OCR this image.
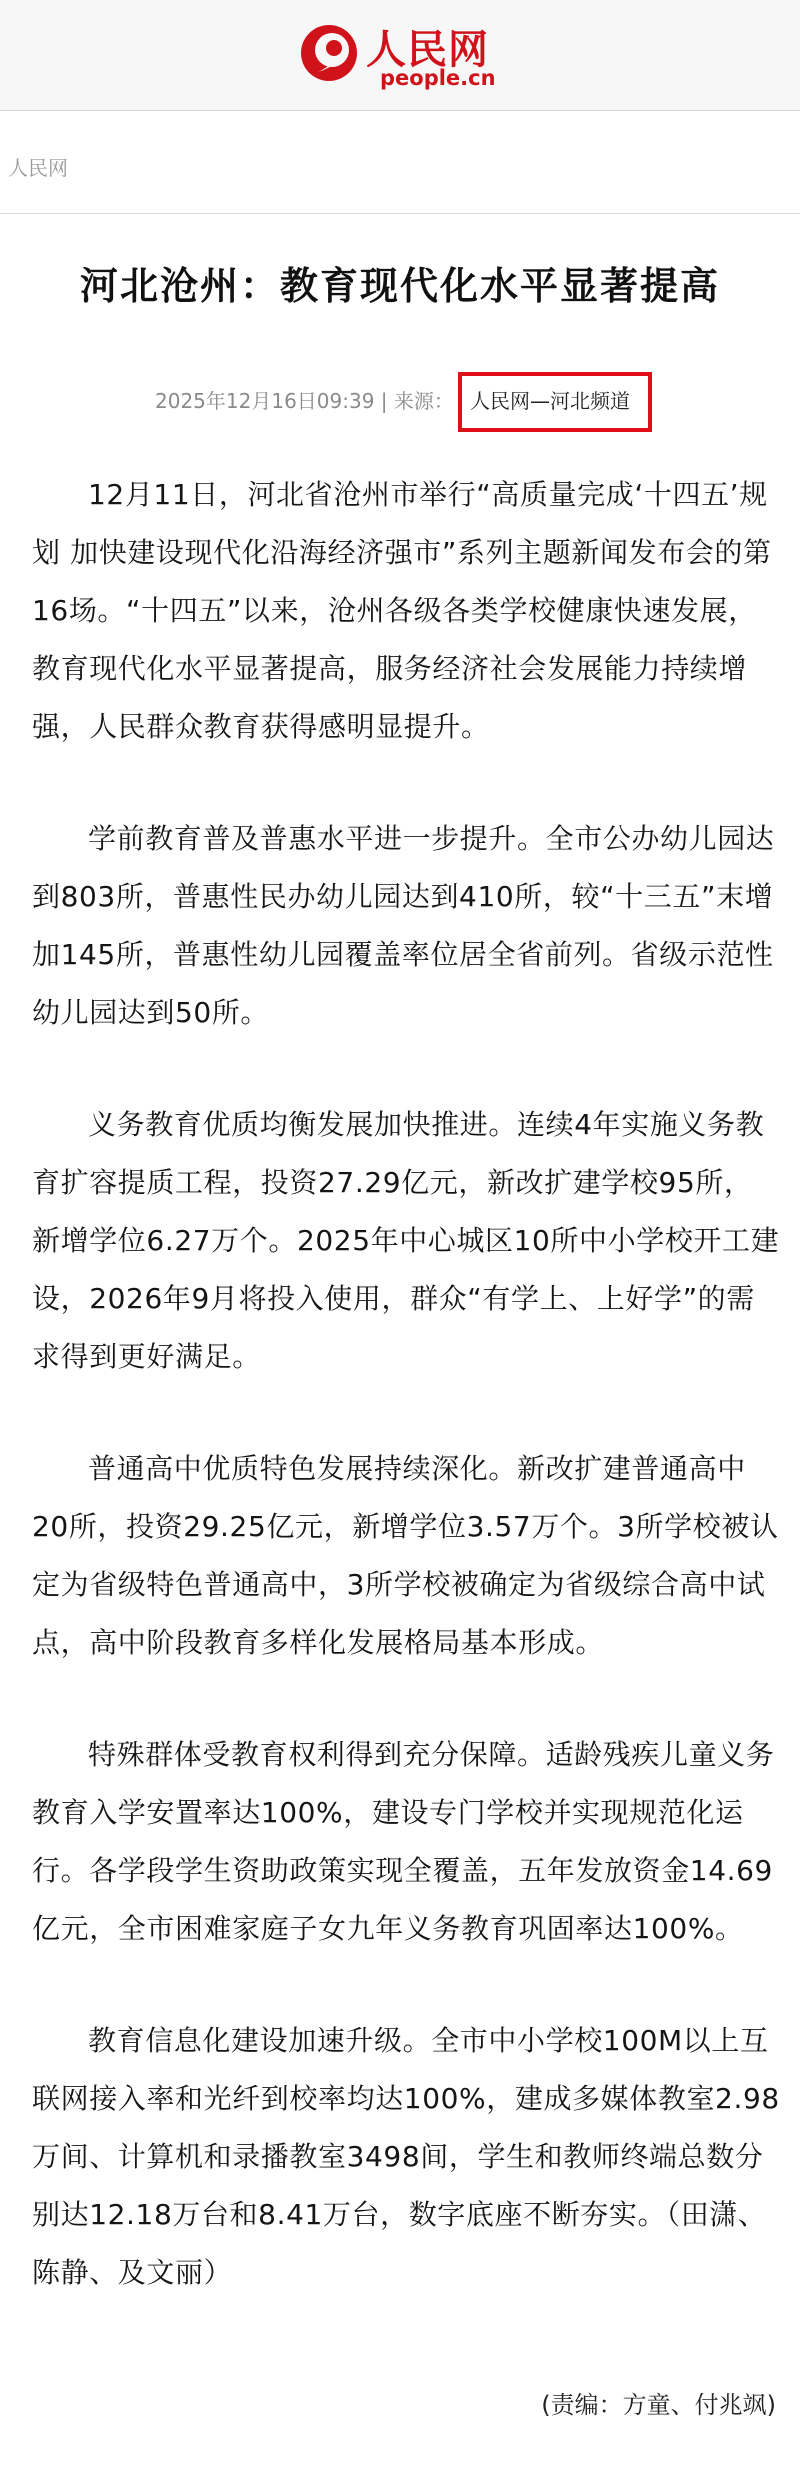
人民网
people.cn
人民网
河北沧州：教育现代化水平显著提高
2025年12月16日09:39 | 来源： 人民网—河北频道

12月11日，河北省沧州市举行“高质量完成‘十四五’规划 加快建设现代化沿海经济强市”系列主题新闻发布会的第16场。“十四五”以来，沧州各级各类学校健康快速发展，教育现代化水平显著提高，服务经济社会发展能力持续增强，人民群众教育获得感明显提升。

学前教育普及普惠水平进一步提升。全市公办幼儿园达到803所，普惠性民办幼儿园达到410所，较“十三五”末增加145所，普惠性幼儿园覆盖率位居全省前列。省级示范性幼儿园达到50所。

义务教育优质均衡发展加快推进。连续4年实施义务教育扩容提质工程，投资27.29亿元，新改扩建学校95所，新增学位6.27万个。2025年中心城区10所中小学校开工建设，2026年9月将投入使用，群众“有学上、上好学”的需求得到更好满足。

普通高中优质特色发展持续深化。新改扩建普通高中20所，投资29.25亿元，新增学位3.57万个。3所学校被认定为省级特色普通高中，3所学校被确定为省级综合高中试点，高中阶段教育多样化发展格局基本形成。

特殊群体受教育权利得到充分保障。适龄残疾儿童义务教育入学安置率达100%，建设专门学校并实现规范化运行。各学段学生资助政策实现全覆盖，五年发放资金14.69亿元，全市困难家庭子女九年义务教育巩固率达100%。

教育信息化建设加速升级。全市中小学校100M以上互联网接入率和光纤到校率均达100%，建成多媒体教室2.98万间、计算机和录播教室3498间，学生和教师终端总数分别达12.18万台和8.41万台，数字底座不断夯实。（田潇、陈静、及文丽）

(责编：方童、付兆飒)
